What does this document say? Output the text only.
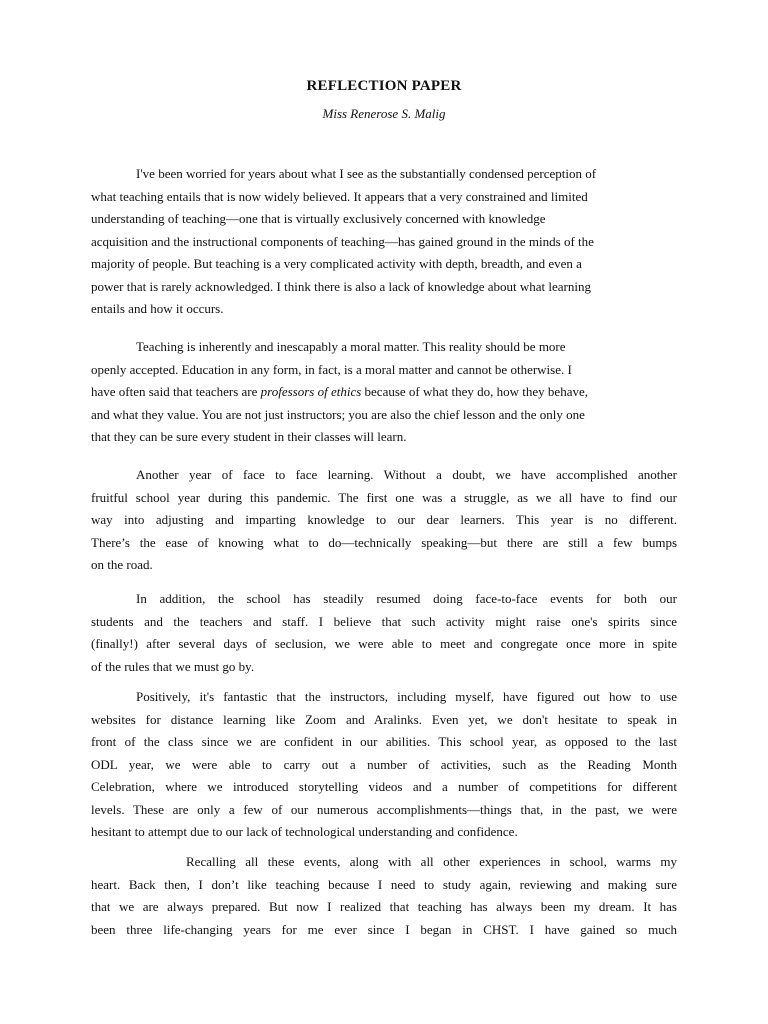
REFLECTION PAPER
Miss Renerose S. Malig
I've been worried for years about what I see as the substantially condensed perception of
what teaching entails that is now widely believed. It appears that a very constrained and limited
understanding of teaching—one that is virtually exclusively concerned with knowledge
acquisition and the instructional components of teaching—has gained ground in the minds of the
majority of people. But teaching is a very complicated activity with depth, breadth, and even a
power that is rarely acknowledged. I think there is also a lack of knowledge about what learning
entails and how it occurs.
Teaching is inherently and inescapably a moral matter. This reality should be more
openly accepted. Education in any form, in fact, is a moral matter and cannot be otherwise. I
have often said that teachers are professors of ethics because of what they do, how they behave,
and what they value. You are not just instructors; you are also the chief lesson and the only one
that they can be sure every student in their classes will learn.
Another year of face to face learning. Without a doubt, we have accomplished another
fruitful school year during this pandemic. The first one was a struggle, as we all have to find our
way into adjusting and imparting knowledge to our dear learners. This year is no different.
There’s the ease of knowing what to do—technically speaking—but there are still a few bumps
on the road.
In addition, the school has steadily resumed doing face-to-face events for both our
students and the teachers and staff. I believe that such activity might raise one's spirits since
(finally!) after several days of seclusion, we were able to meet and congregate once more in spite
of the rules that we must go by.
Positively, it's fantastic that the instructors, including myself, have figured out how to use
websites for distance learning like Zoom and Aralinks. Even yet, we don't hesitate to speak in
front of the class since we are confident in our abilities. This school year, as opposed to the last
ODL year, we were able to carry out a number of activities, such as the Reading Month
Celebration, where we introduced storytelling videos and a number of competitions for different
levels. These are only a few of our numerous accomplishments—things that, in the past, we were
hesitant to attempt due to our lack of technological understanding and confidence.
Recalling all these events, along with all other experiences in school, warms my
heart. Back then, I don’t like teaching because I need to study again, reviewing and making sure
that we are always prepared. But now I realized that teaching has always been my dream. It has
been three life-changing years for me ever since I began in CHST. I have gained so much
